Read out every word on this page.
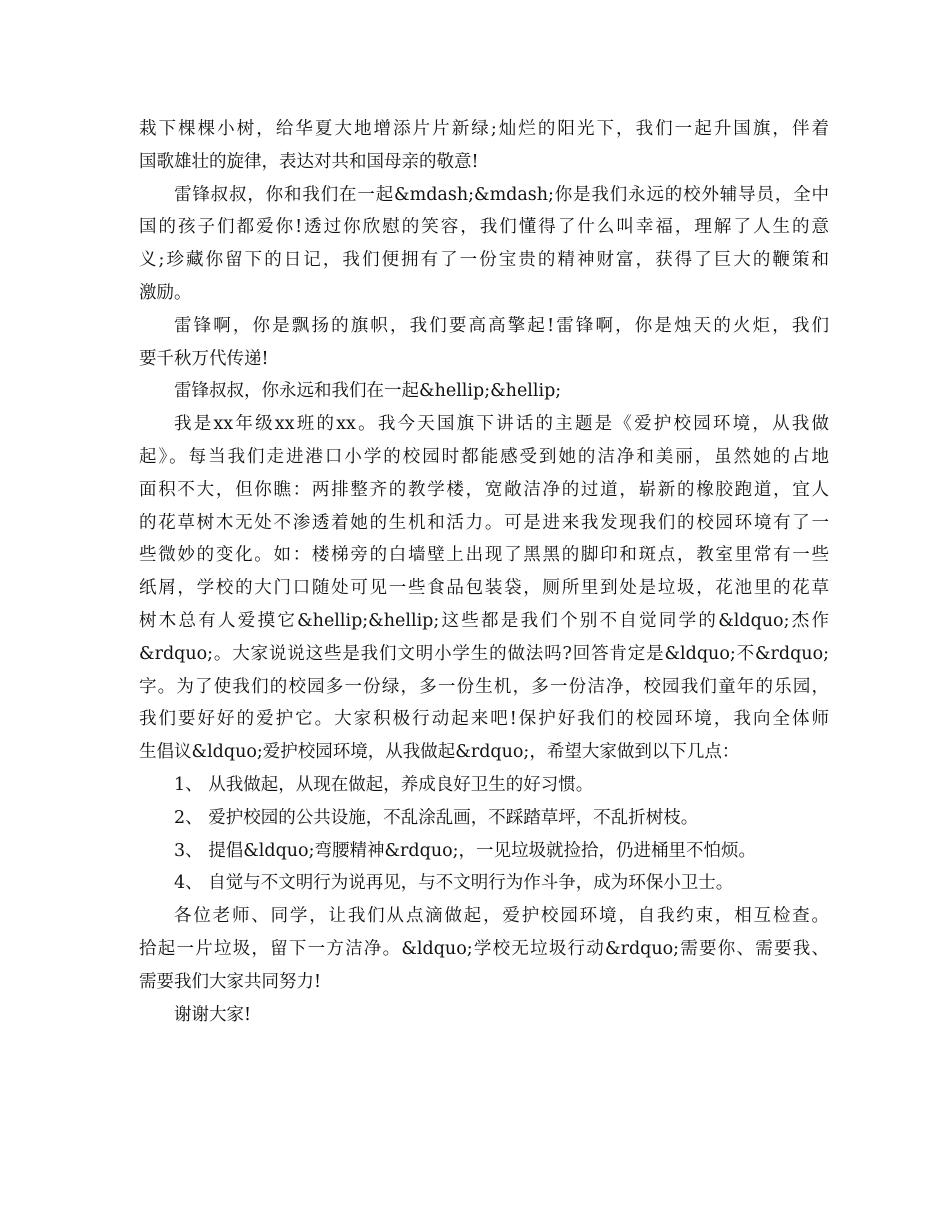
栽下棵棵小树，给华夏大地增添片片新绿;灿烂的阳光下，我们一起升国旗，伴着
国歌雄壮的旋律，表达对共和国母亲的敬意!
雷锋叔叔，你和我们在一起&mdash;&mdash;你是我们永远的校外辅导员，全中
国的孩子们都爱你!透过你欣慰的笑容，我们懂得了什么叫幸福，理解了人生的意
义;珍藏你留下的日记，我们便拥有了一份宝贵的精神财富，获得了巨大的鞭策和
激励。
雷锋啊，你是飘扬的旗帜，我们要高高擎起!雷锋啊，你是烛天的火炬，我们
要千秋万代传递!
雷锋叔叔，你永远和我们在一起&hellip;&hellip;
我是xx年级xx班的xx。我今天国旗下讲话的主题是《爱护校园环境，从我做
起》。每当我们走进港口小学的校园时都能感受到她的洁净和美丽，虽然她的占地
面积不大，但你瞧：两排整齐的教学楼，宽敞洁净的过道，崭新的橡胶跑道，宜人
的花草树木无处不渗透着她的生机和活力。可是进来我发现我们的校园环境有了一
些微妙的变化。如：楼梯旁的白墙壁上出现了黑黑的脚印和斑点，教室里常有一些
纸屑，学校的大门口随处可见一些食品包装袋，厕所里到处是垃圾，花池里的花草
树木总有人爱摸它&hellip;&hellip;这些都是我们个别不自觉同学的&ldquo;杰作
&rdquo;。大家说说这些是我们文明小学生的做法吗?回答肯定是&ldquo;不&rdquo;
字。为了使我们的校园多一份绿，多一份生机，多一份洁净，校园我们童年的乐园，
我们要好好的爱护它。大家积极行动起来吧!保护好我们的校园环境，我向全体师
生倡议&ldquo;爱护校园环境，从我做起&rdquo;，希望大家做到以下几点：
1、 从我做起，从现在做起，养成良好卫生的好习惯。
2、 爱护校园的公共设施，不乱涂乱画，不踩踏草坪，不乱折树枝。
3、 提倡&ldquo;弯腰精神&rdquo;，一见垃圾就捡拾，仍进桶里不怕烦。
4、 自觉与不文明行为说再见，与不文明行为作斗争，成为环保小卫士。
各位老师、同学，让我们从点滴做起，爱护校园环境，自我约束，相互检查。
拾起一片垃圾，留下一方洁净。&ldquo;学校无垃圾行动&rdquo;需要你、需要我、
需要我们大家共同努力!
谢谢大家!
